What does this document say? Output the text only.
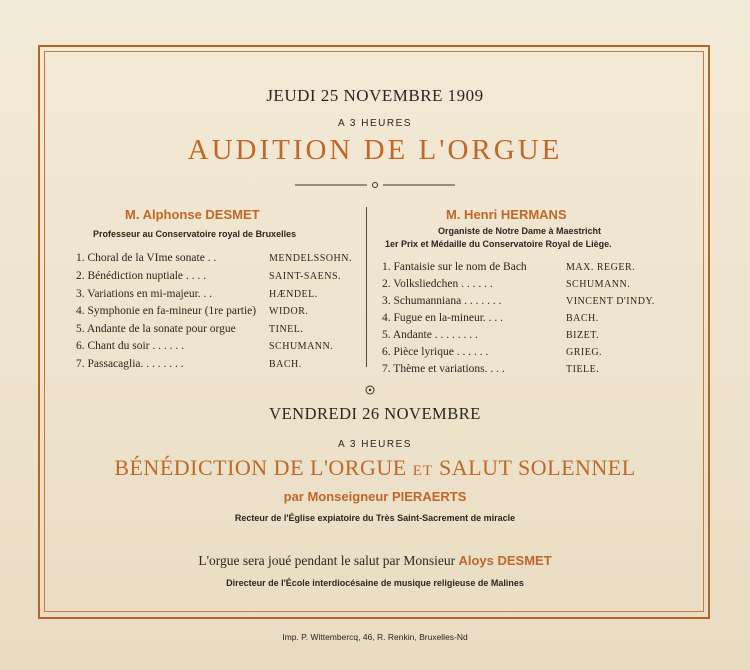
JEUDI 25 NOVEMBRE 1909
A 3 HEURES
AUDITION DE L'ORGUE
M. Alphonse DESMET
Professeur au Conservatoire royal de Bruxelles
1. Choral de la VIme sonate . .	MENDELSSOHN.
2. Bénédiction nuptiale . . . .	SAINT-SAENS.
3. Variations en mi-majeur. . .	HÆNDEL.
4. Symphonie en fa-mineur (1re partie) WIDOR.
5. Andante de la sonate pour orgue	TINEL.
6. Chant du soir . . . . . .	SCHUMANN.
7. Passacaglia. . . . . . . .	BACH.
M. Henri HERMANS
Organiste de Notre Dame à Maestricht
1er Prix et Médaille du Conservatoire Royal de Liège.
1. Fantaisie sur le nom de Bach	MAX. REGER.
2. Volksliedchen . . . . . .	SCHUMANN.
3. Schumanniana . . . . . . .	VINCENT D'INDY.
4. Fugue en la-mineur. . . .	BACH.
5. Andante . . . . . . . .	BIZET.
6. Pièce lyrique . . . . . .	GRIEG.
7. Thème et variations. . . .	TIELE.
VENDREDI 26 NOVEMBRE
A 3 HEURES
BÉNÉDICTION DE L'ORGUE ET SALUT SOLENNEL
par Monseigneur PIERAERTS
Recteur de l'Église expiatoire du Très Saint-Sacrement de miracle
L'orgue sera joué pendant le salut par Monsieur Aloys DESMET
Directeur de l'École interdiocésaine de musique religieuse de Malines
Imp. P. Wittembercq, 46, R. Renkin, Bruxelles-Nd
